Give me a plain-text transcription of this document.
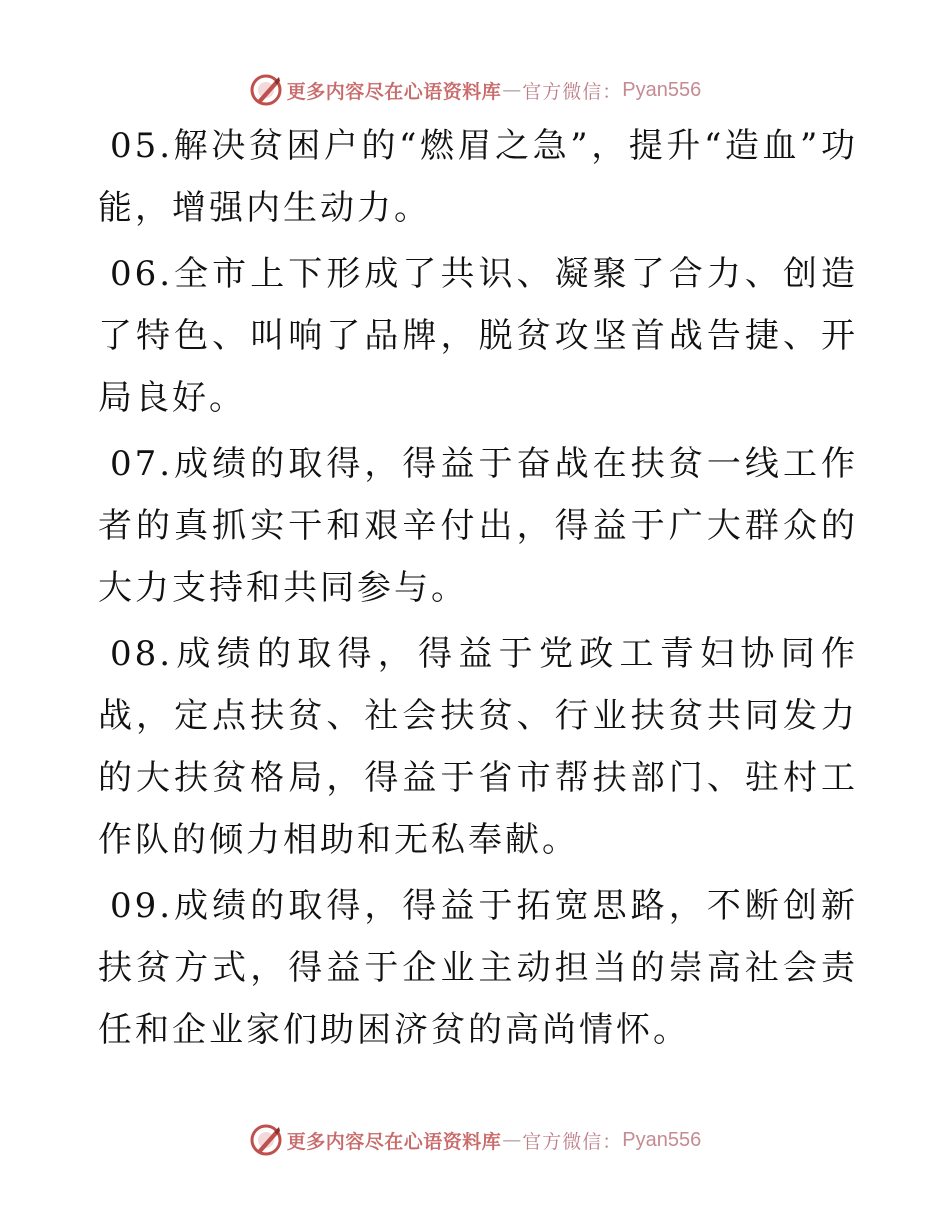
更多内容尽在心语资料库 — 官方微信： Pyan556

05.解决贫困户的“燃眉之急”，提升“造血”功能，增强内生动力。

06.全市上下形成了共识、凝聚了合力、创造了特色、叫响了品牌，脱贫攻坚首战告捷、开局良好。

07.成绩的取得，得益于奋战在扶贫一线工作者的真抓实干和艰辛付出，得益于广大群众的大力支持和共同参与。

08.成绩的取得，得益于党政工青妇协同作战，定点扶贫、社会扶贫、行业扶贫共同发力的大扶贫格局，得益于省市帮扶部门、驻村工作队的倾力相助和无私奉献。

09.成绩的取得，得益于拓宽思路，不断创新扶贫方式，得益于企业主动担当的崇高社会责任和企业家们助困济贫的高尚情怀。

更多内容尽在心语资料库 — 官方微信： Pyan556
